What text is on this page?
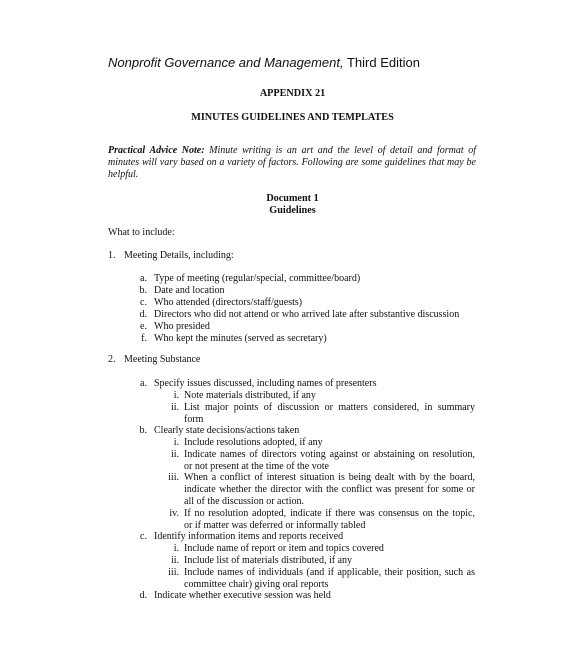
Nonprofit Governance and Management, Third Edition
APPENDIX 21
MINUTES GUIDELINES AND TEMPLATES
Practical Advice Note: Minute writing is an art and the level of detail and format of minutes will vary based on a variety of factors. Following are some guidelines that may be helpful.
Document 1
Guidelines
What to include:
1. Meeting Details, including:
a. Type of meeting (regular/special, committee/board)
b. Date and location
c. Who attended (directors/staff/guests)
d. Directors who did not attend or who arrived late after substantive discussion
e. Who presided
f. Who kept the minutes (served as secretary)
2. Meeting Substance
a. Specify issues discussed, including names of presenters
i. Note materials distributed, if any
ii. List major points of discussion or matters considered, in summary
form
b. Clearly state decisions/actions taken
i. Include resolutions adopted, if any
ii. Indicate names of directors voting against or abstaining on resolution,
or not present at the time of the vote
iii. When a conflict of interest situation is being dealt with by the board,
indicate whether the director with the conflict was present for some or
all of the discussion or action.
iv. If no resolution adopted, indicate if there was consensus on the topic,
or if matter was deferred or informally tabled
c. Identify information items and reports received
i. Include name of report or item and topics covered
ii. Include list of materials distributed, if any
iii. Include names of individuals (and if applicable, their position, such as
committee chair) giving oral reports
d. Indicate whether executive session was held
